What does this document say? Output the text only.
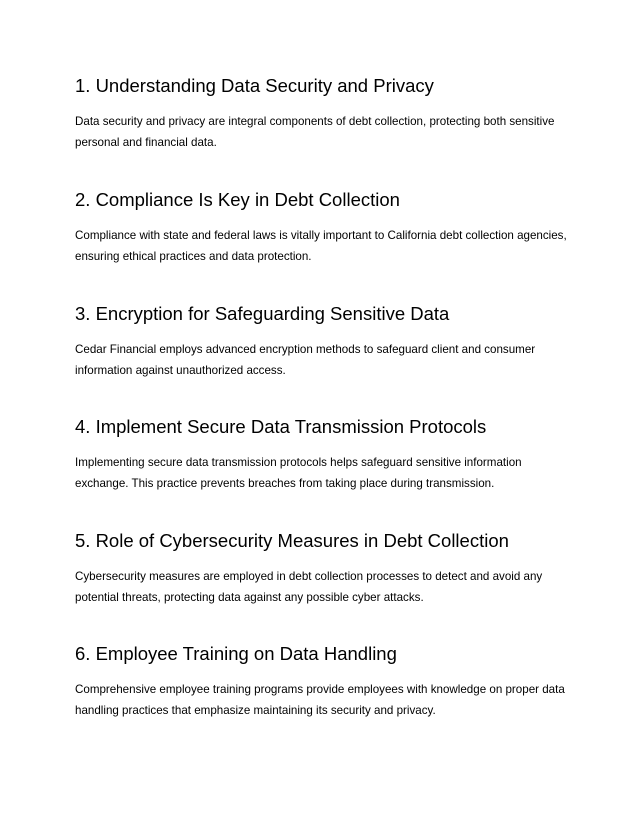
1. Understanding Data Security and Privacy

Data security and privacy are integral components of debt collection, protecting both sensitive personal and financial data.

2. Compliance Is Key in Debt Collection

Compliance with state and federal laws is vitally important to California debt collection agencies, ensuring ethical practices and data protection.

3. Encryption for Safeguarding Sensitive Data

Cedar Financial employs advanced encryption methods to safeguard client and consumer information against unauthorized access.

4. Implement Secure Data Transmission Protocols

Implementing secure data transmission protocols helps safeguard sensitive information exchange. This practice prevents breaches from taking place during transmission.

5. Role of Cybersecurity Measures in Debt Collection

Cybersecurity measures are employed in debt collection processes to detect and avoid any potential threats, protecting data against any possible cyber attacks.

6. Employee Training on Data Handling

Comprehensive employee training programs provide employees with knowledge on proper data handling practices that emphasize maintaining its security and privacy.
